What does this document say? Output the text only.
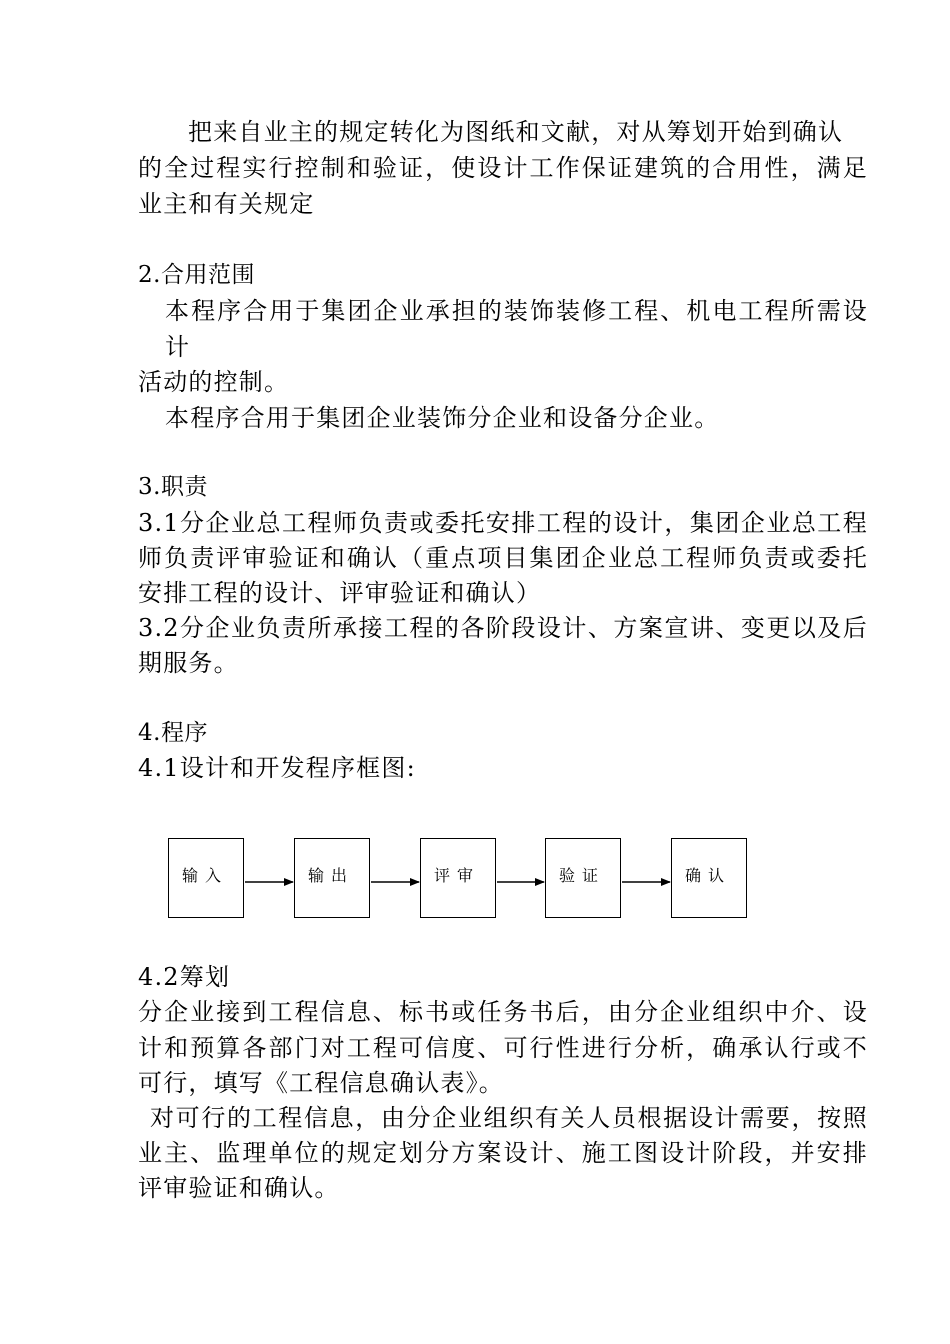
把来自业主的规定转化为图纸和文献，对从筹划开始到确认
的全过程实行控制和验证，使设计工作保证建筑的合用性，满足
业主和有关规定
2.合用范围
本程序合用于集团企业承担的装饰装修工程、机电工程所需设
计
活动的控制。
本程序合用于集团企业装饰分企业和设备分企业。
3.职责
3.1分企业总工程师负责或委托安排工程的设计，集团企业总工程
师负责评审验证和确认（重点项目集团企业总工程师负责或委托
安排工程的设计、评审验证和确认）
3.2分企业负责所承接工程的各阶段设计、方案宣讲、变更以及后
期服务。
4.程序
4.1设计和开发程序框图:
输入	输出	评审	验证	确认
4.2筹划
分企业接到工程信息、标书或任务书后，由分企业组织中介、设
计和预算各部门对工程可信度、可行性进行分析，确承认行或不
可行，填写《工程信息确认表》。
对可行的工程信息，由分企业组织有关人员根据设计需要，按照
业主、监理单位的规定划分方案设计、施工图设计阶段，并安排
评审验证和确认。
